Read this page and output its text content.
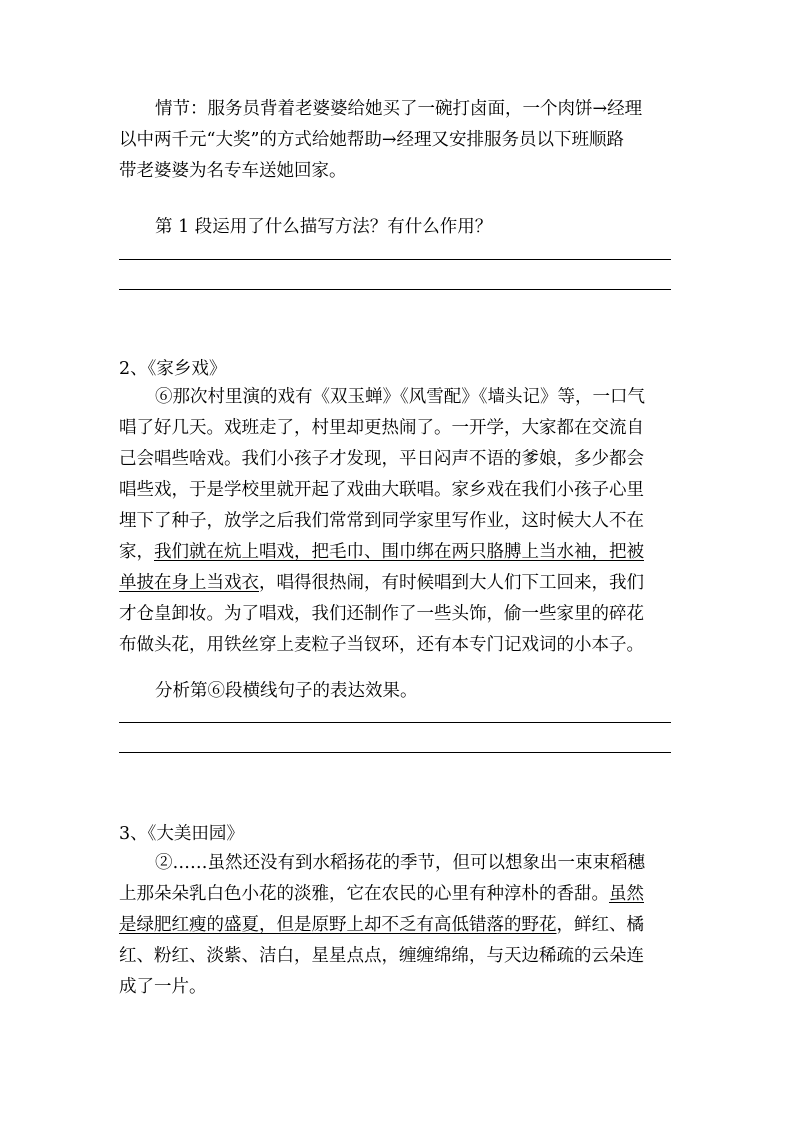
情节：服务员背着老婆婆给她买了一碗打卤面，一个肉饼→经理
以中两千元“大奖”的方式给她帮助→经理又安排服务员以下班顺路
带老婆婆为名专车送她回家。
第 1 段运用了什么描写方法？有什么作用？
2、《家乡戏》
⑥那次村里演的戏有《双玉蝉》《风雪配》《墙头记》等，一口气
唱了好几天。戏班走了，村里却更热闹了。一开学，大家都在交流自
己会唱些啥戏。我们小孩子才发现，平日闷声不语的爹娘，多少都会
唱些戏，于是学校里就开起了戏曲大联唱。家乡戏在我们小孩子心里
埋下了种子，放学之后我们常常到同学家里写作业，这时候大人不在
家，我们就在炕上唱戏，把毛巾、围巾绑在两只胳膊上当水袖，把被
单披在身上当戏衣，唱得很热闹，有时候唱到大人们下工回来，我们
才仓皇卸妆。为了唱戏，我们还制作了一些头饰，偷一些家里的碎花
布做头花，用铁丝穿上麦粒子当钗环，还有本专门记戏词的小本子。
分析第⑥段横线句子的表达效果。
3、《大美田园》
②……虽然还没有到水稻扬花的季节，但可以想象出一束束稻穗
上那朵朵乳白色小花的淡雅，它在农民的心里有种淳朴的香甜。虽然
是绿肥红瘦的盛夏，但是原野上却不乏有高低错落的野花，鲜红、橘
红、粉红、淡紫、洁白，星星点点，缠缠绵绵，与天边稀疏的云朵连
成了一片。
